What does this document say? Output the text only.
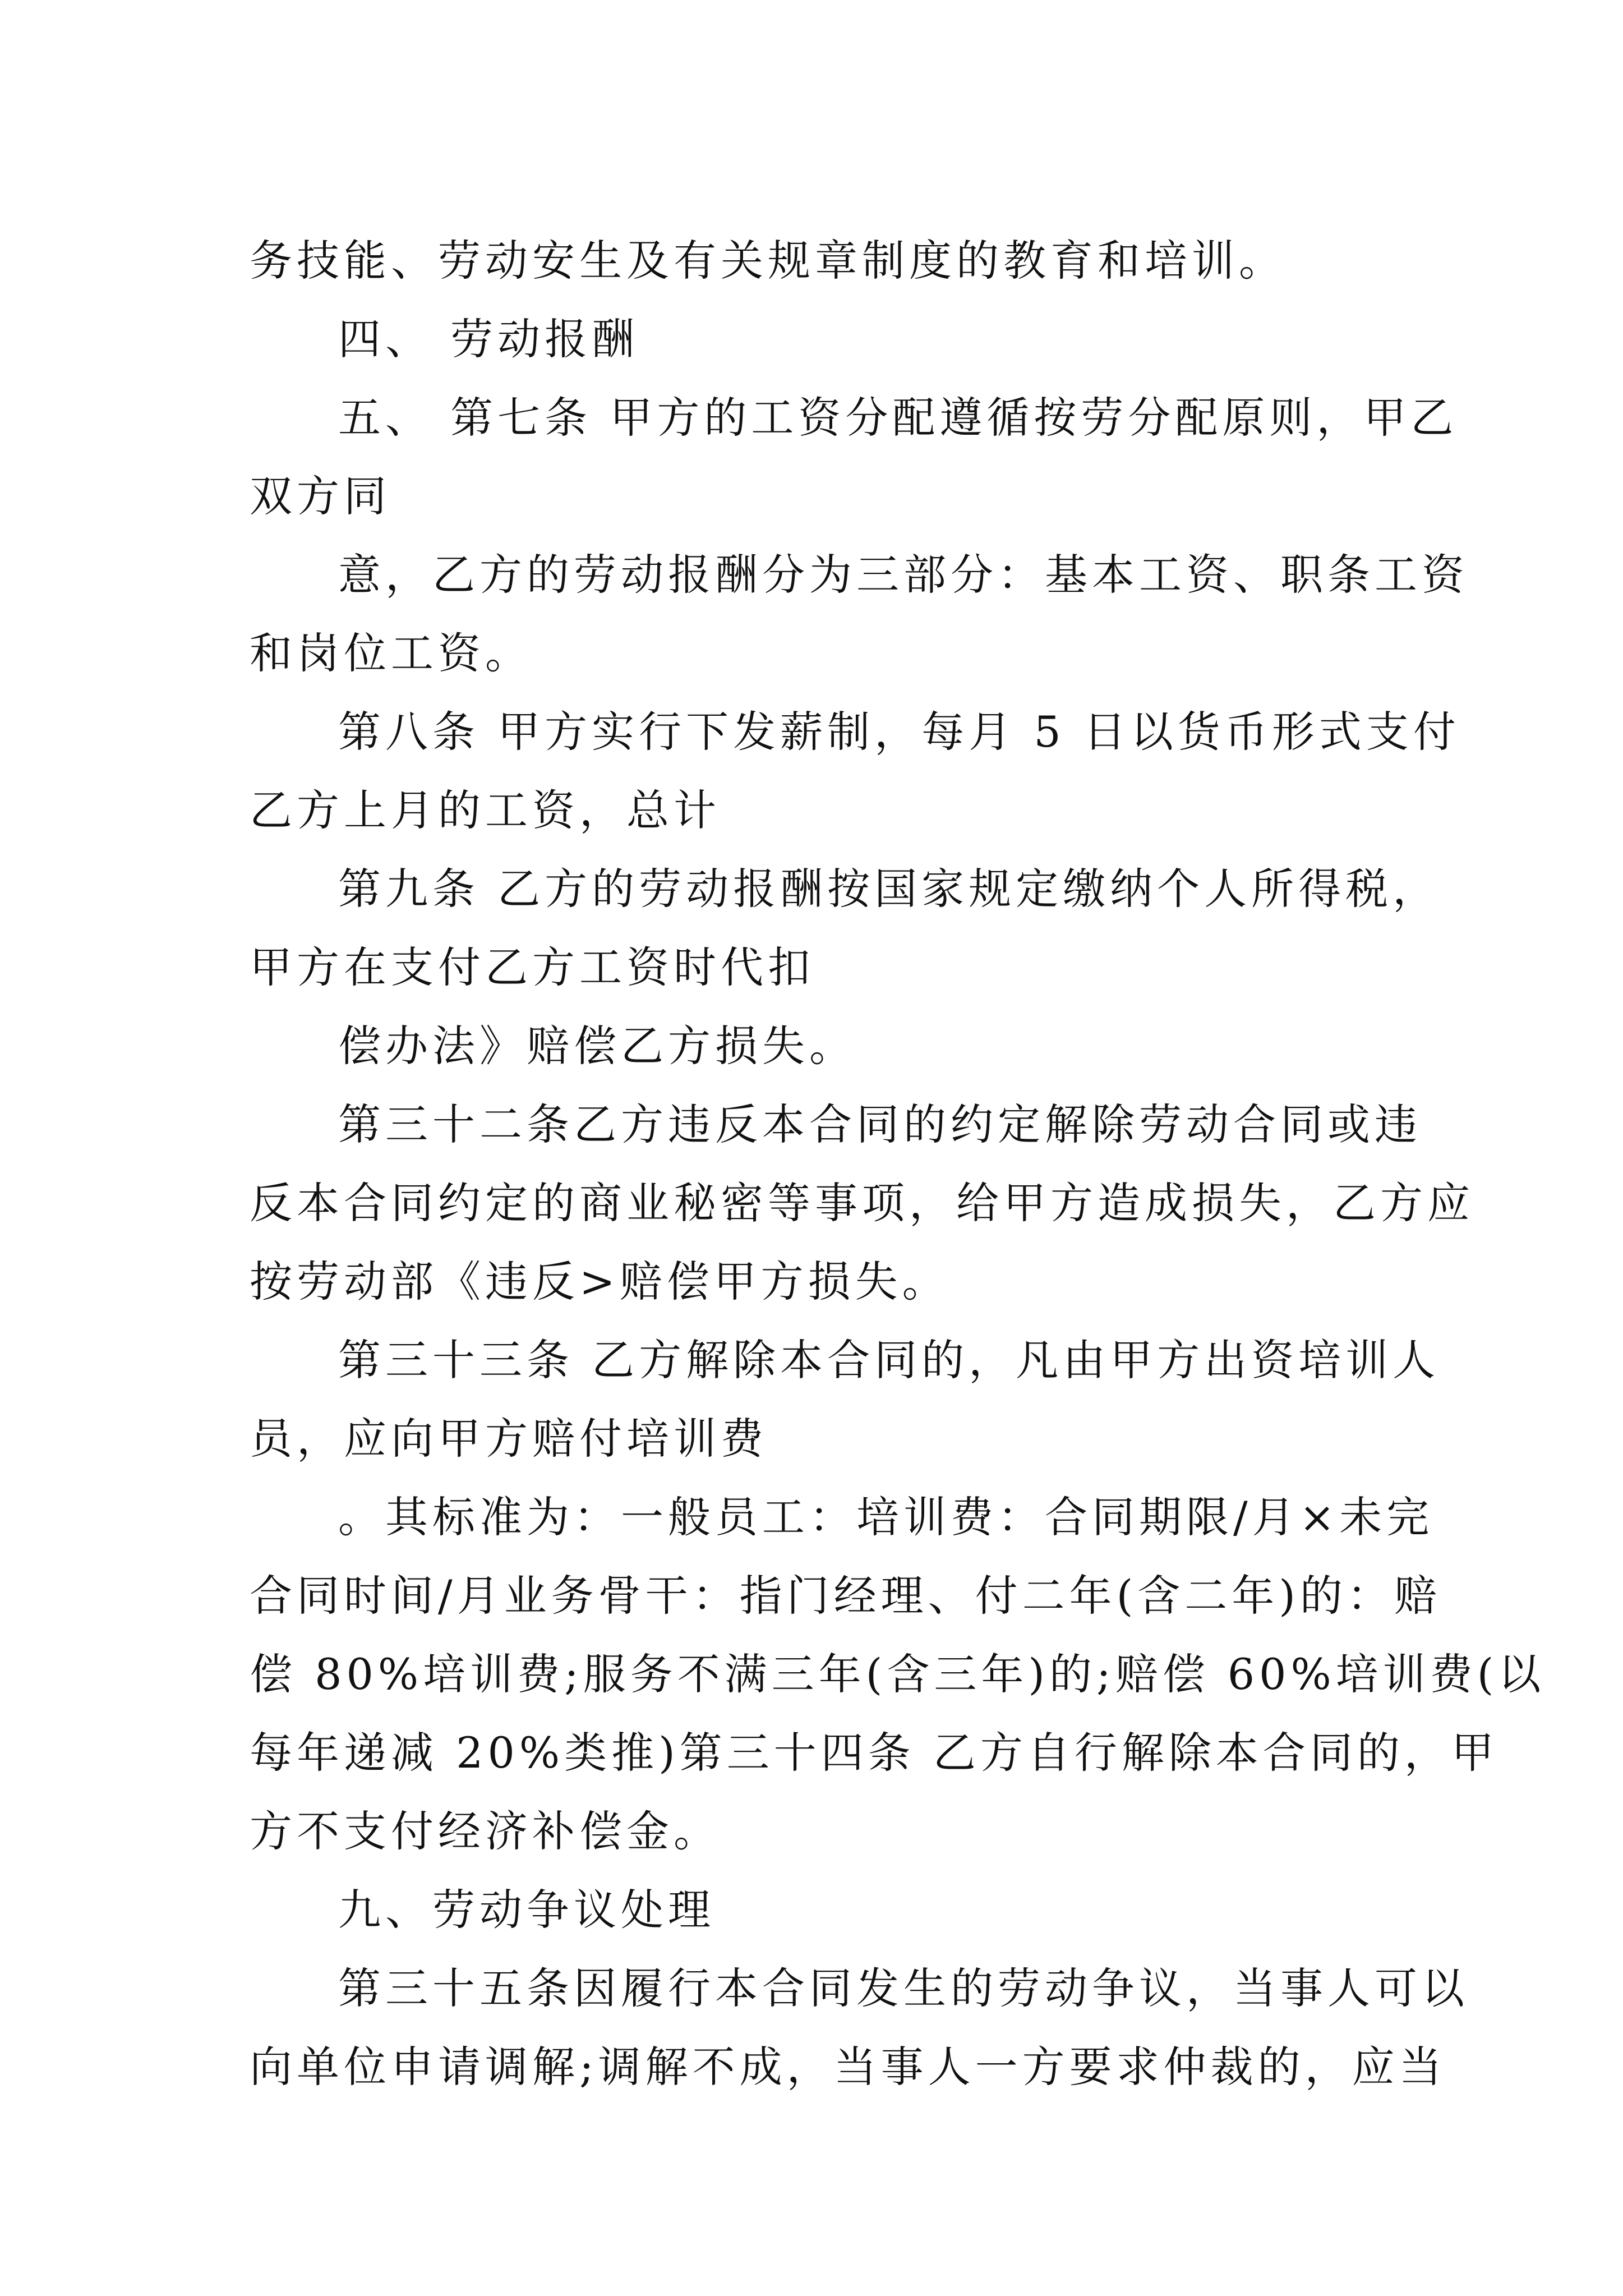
务技能、劳动安生及有关规章制度的教育和培训。
四、 劳动报酬
五、 第七条 甲方的工资分配遵循按劳分配原则，甲乙
双方同
意，乙方的劳动报酬分为三部分：基本工资、职条工资
和岗位工资。
第八条 甲方实行下发薪制，每月 5 日以货币形式支付
乙方上月的工资，总计
第九条 乙方的劳动报酬按国家规定缴纳个人所得税，
甲方在支付乙方工资时代扣
偿办法》赔偿乙方损失。
第三十二条乙方违反本合同的约定解除劳动合同或违
反本合同约定的商业秘密等事项，给甲方造成损失，乙方应
按劳动部《违反>赔偿甲方损失。
第三十三条 乙方解除本合同的，凡由甲方出资培训人
员，应向甲方赔付培训费
。其标准为：一般员工：培训费：合同期限/月×未完
合同时间/月业务骨干：指门经理、付二年(含二年)的：赔
偿 80%培训费;服务不满三年(含三年)的;赔偿 60%培训费(以
每年递减 20%类推)第三十四条 乙方自行解除本合同的，甲
方不支付经济补偿金。
九、劳动争议处理
第三十五条因履行本合同发生的劳动争议，当事人可以
向单位申请调解;调解不成，当事人一方要求仲裁的，应当
